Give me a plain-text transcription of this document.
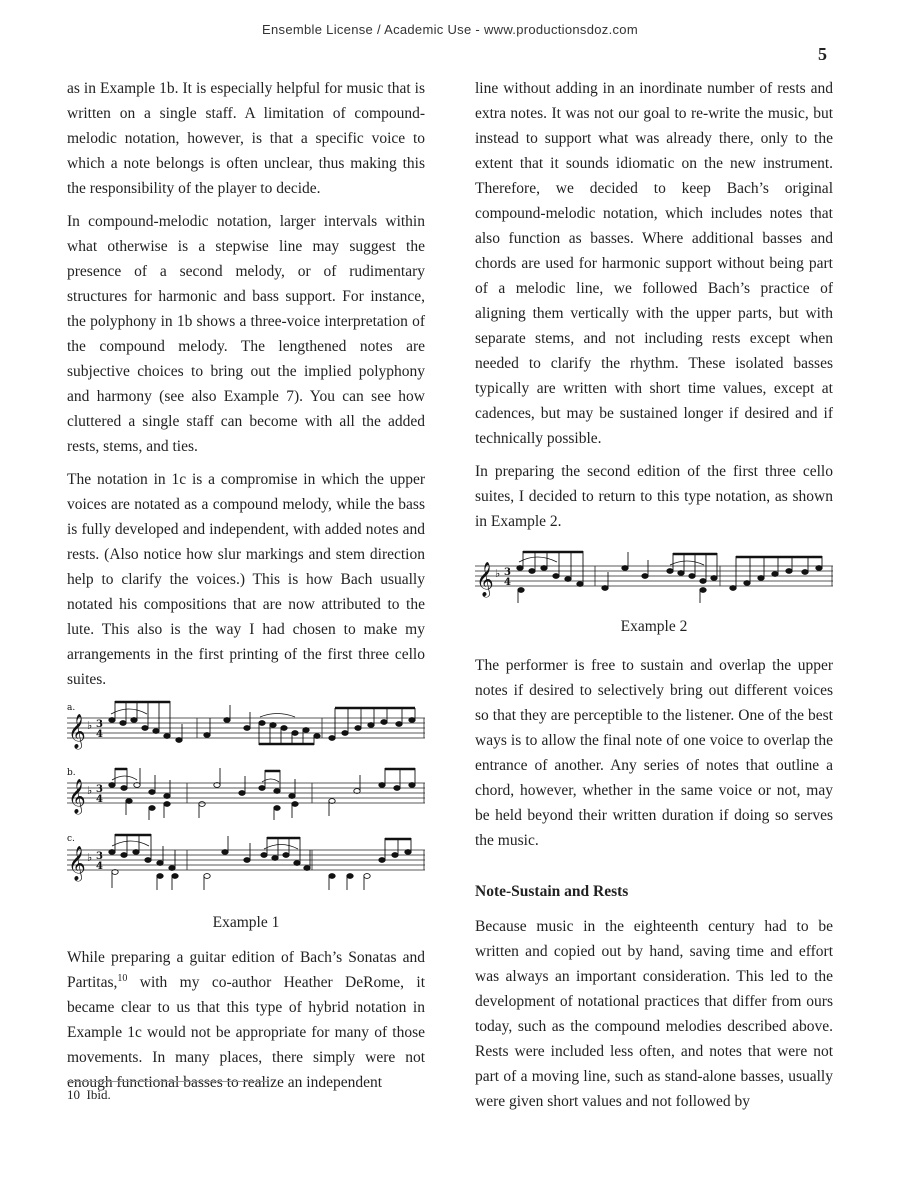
Ensemble License / Academic Use - www.productionsdoz.com
5

as in Example 1b. It is especially helpful for music that is written on a single staff. A limitation of compound-melodic notation, however, is that a specific voice to which a note belongs is often unclear, thus making this the responsibility of the player to decide.

In compound-melodic notation, larger intervals within what otherwise is a stepwise line may suggest the presence of a second melody, or of rudimentary structures for harmonic and bass support. For instance, the polyphony in 1b shows a three-voice interpretation of the compound melody. The lengthened notes are subjective choices to bring out the implied polyphony and harmony (see also Example 7). You can see how cluttered a single staff can become with all the added rests, stems, and ties.

The notation in 1c is a compromise in which the upper voices are notated as a compound melody, while the bass is fully developed and independent, with added notes and rests. (Also notice how slur markings and stem direction help to clarify the voices.) This is how Bach usually notated his compositions that are now attributed to the lute. This also is the way I had chosen to make my arrangements in the first printing of the first three cello suites.

a.
𝄞 ♭ 3
4
b.
𝄞 ♭ 3
4
c.
𝄞 ♭ 3
4

Example 1

While preparing a guitar edition of Bach’s Sonatas and Partitas,$^{10}$ with my co-author Heather DeRome, it became clear to us that this type of hybrid notation in Example 1c would not be appropriate for many of those movements. In many places, there simply were not enough functional basses to realize an independent

line without adding in an inordinate number of rests and extra notes. It was not our goal to re-write the music, but instead to support what was already there, only to the extent that it sounds idiomatic on the new instrument. Therefore, we decided to keep Bach’s original compound-melodic notation, which includes notes that also function as basses. Where additional basses and chords are used for harmonic support without being part of a melodic line, we followed Bach’s practice of aligning them vertically with the upper parts, but with separate stems, and not including rests except when needed to clarify the rhythm. These isolated basses typically are written with short time values, except at cadences, but may be sustained longer if desired and if technically possible.

In preparing the second edition of the first three cello suites, I decided to return to this type notation, as shown in Example 2.

𝄞 ♭ 3
4

Example 2

The performer is free to sustain and overlap the upper notes if desired to selectively bring out different voices so that they are perceptible to the listener. One of the best ways is to allow the final note of one voice to overlap the entrance of another. Any series of notes that outline a chord, however, whether in the same voice or not, may be held beyond their written duration if doing so serves the music.

Note-Sustain and Rests

Because music in the eighteenth century had to be written and copied out by hand, saving time and effort was always an important consideration. This led to the development of notational practices that differ from ours today, such as the compound melodies described above. Rests were included less often, and notes that were not part of a moving line, such as stand-alone basses, usually were given short values and not followed by

10 Ibid.
